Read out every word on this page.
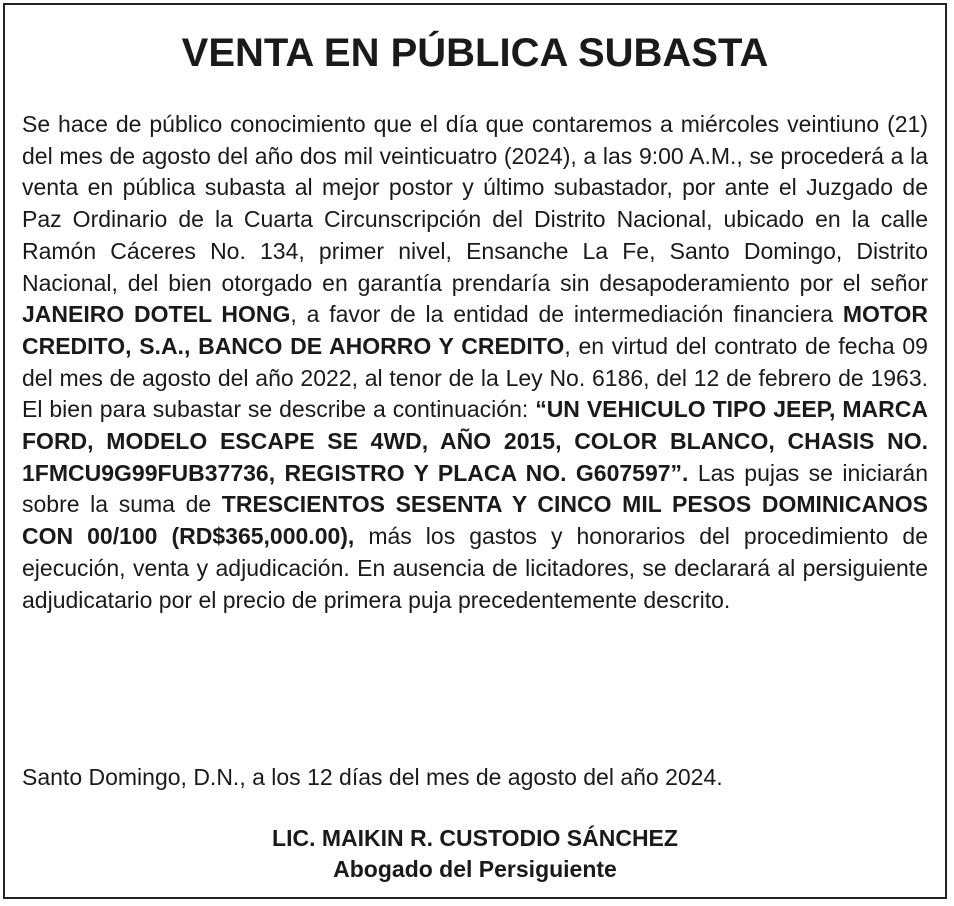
VENTA EN PÚBLICA SUBASTA

Se hace de público conocimiento que el día que contaremos a miércoles veintiuno (21) del mes de agosto del año dos mil veinticuatro (2024), a las 9:00 A.M., se procederá a la venta en pública subasta al mejor postor y último subastador, por ante el Juzgado de Paz Ordinario de la Cuarta Circunscripción del Distrito Nacional, ubicado en la calle Ramón Cáceres No. 134, primer nivel, Ensanche La Fe, Santo Domingo, Distrito Nacional, del bien otorgado en garantía prendaría sin desapoderamiento por el señor JANEIRO DOTEL HONG, a favor de la entidad de intermediación financiera MOTOR CREDITO, S.A., BANCO DE AHORRO Y CREDITO, en virtud del contrato de fecha 09 del mes de agosto del año 2022, al tenor de la Ley No. 6186, del 12 de febrero de 1963. El bien para subastar se describe a continuación: “UN VEHICULO TIPO JEEP, MARCA FORD, MODELO ESCAPE SE 4WD, AÑO 2015, COLOR BLANCO, CHASIS NO. 1FMCU9G99FUB37736, REGISTRO Y PLACA NO. G607597”. Las pujas se iniciarán sobre la suma de TRESCIENTOS SESENTA Y CINCO MIL PESOS DOMINICANOS CON 00/100 (RD$365,000.00), más los gastos y honorarios del procedimiento de ejecución, venta y adjudicación. En ausencia de licitadores, se declarará al persiguiente adjudicatario por el precio de primera puja precedentemente descrito.

Santo Domingo, D.N., a los 12 días del mes de agosto del año 2024.

LIC. MAIKIN R. CUSTODIO SÁNCHEZ
Abogado del Persiguiente
